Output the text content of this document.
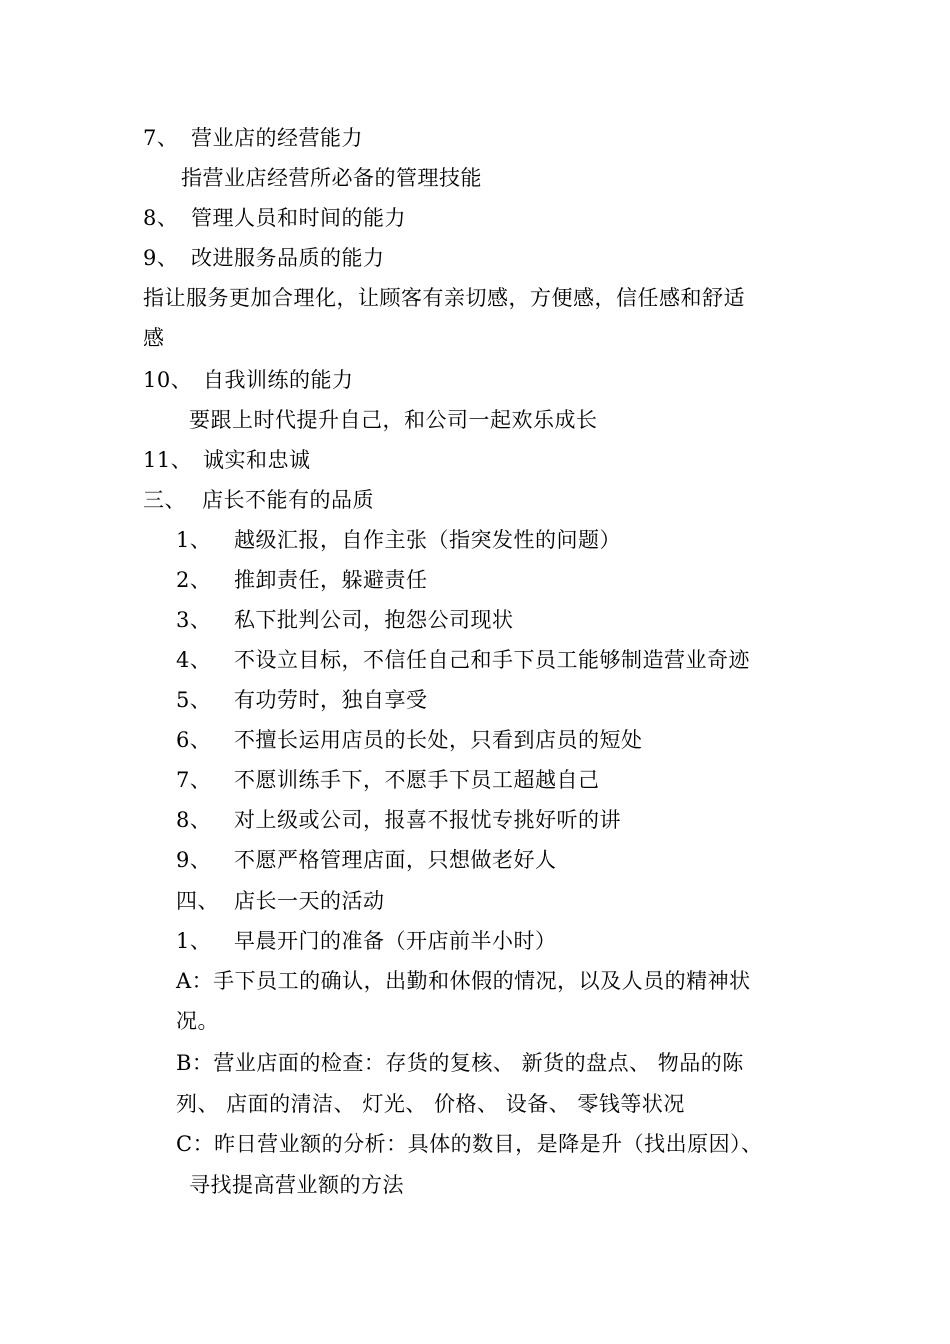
7、 营业店的经营能力
指营业店经营所必备的管理技能
8、 管理人员和时间的能力
9、 改进服务品质的能力
指让服务更加合理化，让顾客有亲切感，方便感，信任感和舒适
感
10、 自我训练的能力
要跟上时代提升自己，和公司一起欢乐成长
11、 诚实和忠诚
三、 店长不能有的品质
1、 越级汇报，自作主张（指突发性的问题）
2、 推卸责任，躲避责任
3、 私下批判公司，抱怨公司现状
4、 不设立目标，不信任自己和手下员工能够制造营业奇迹
5、 有功劳时，独自享受
6、 不擅长运用店员的长处，只看到店员的短处
7、 不愿训练手下，不愿手下员工超越自己
8、 对上级或公司，报喜不报忧专挑好听的讲
9、 不愿严格管理店面，只想做老好人
四、 店长一天的活动
1、 早晨开门的准备（开店前半小时）
A：手下员工的确认，出勤和休假的情况，以及人员的精神状
况。
B：营业店面的检查：存货的复核、 新货的盘点、 物品的陈
列、 店面的清洁、 灯光、 价格、 设备、 零钱等状况
C：昨日营业额的分析：具体的数目，是降是升（找出原因）、
寻找提高营业额的方法
